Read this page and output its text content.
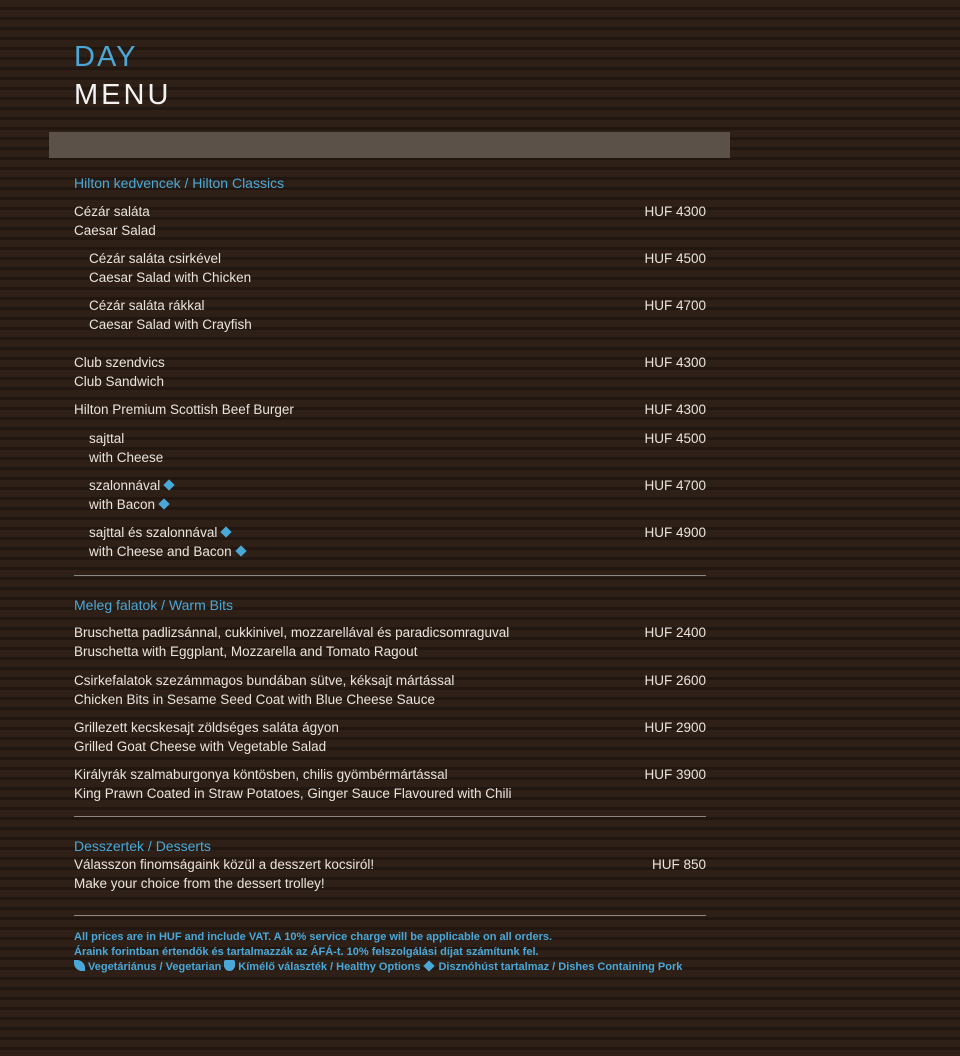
DAY
MENU
Hilton kedvencek / Hilton Classics
Cézár saláta
Caesar Salad
HUF 4300
Cézár saláta csirkével
Caesar Salad with Chicken
HUF 4500
Cézár saláta rákkal
Caesar Salad with Crayfish
HUF 4700
Club szendvics
Club Sandwich
HUF 4300
Hilton Premium Scottish Beef Burger	HUF 4300
sajttal
with Cheese
HUF 4500
szalonnával
with Bacon
HUF 4700
sajttal és szalonnával
with Cheese and Bacon
HUF 4900
Meleg falatok / Warm Bits
Bruschetta padlizsánnal, cukkinivel, mozzarellával és paradicsomraguval
Bruschetta with Eggplant, Mozzarella and Tomato Ragout
HUF 2400
Csirkefalatok szezámmagos bundában sütve, kéksajt mártással
Chicken Bits in Sesame Seed Coat with Blue Cheese Sauce
HUF 2600
Grillezett kecskesajt zöldséges saláta ágyon
Grilled Goat Cheese with Vegetable Salad
HUF 2900
Királyrák szalmaburgonya köntösben, chilis gyömbérmártással
King Prawn Coated in Straw Potatoes, Ginger Sauce Flavoured with Chili
HUF 3900
Desszertek / Desserts
Válasszon finomságaink közül a desszert kocsiról!
Make your choice from the dessert trolley!
HUF 850
All prices are in HUF and include VAT. A 10% service charge will be applicable on all orders.
Áraink forintban értendők és tartalmazzák az ÁFÁ-t. 10% felszolgálási díjat számítunk fel.
Vegetáriánus / Vegetarian Kímélő választék / Healthy Options Disznóhúst tartalmaz / Dishes Containing Pork
